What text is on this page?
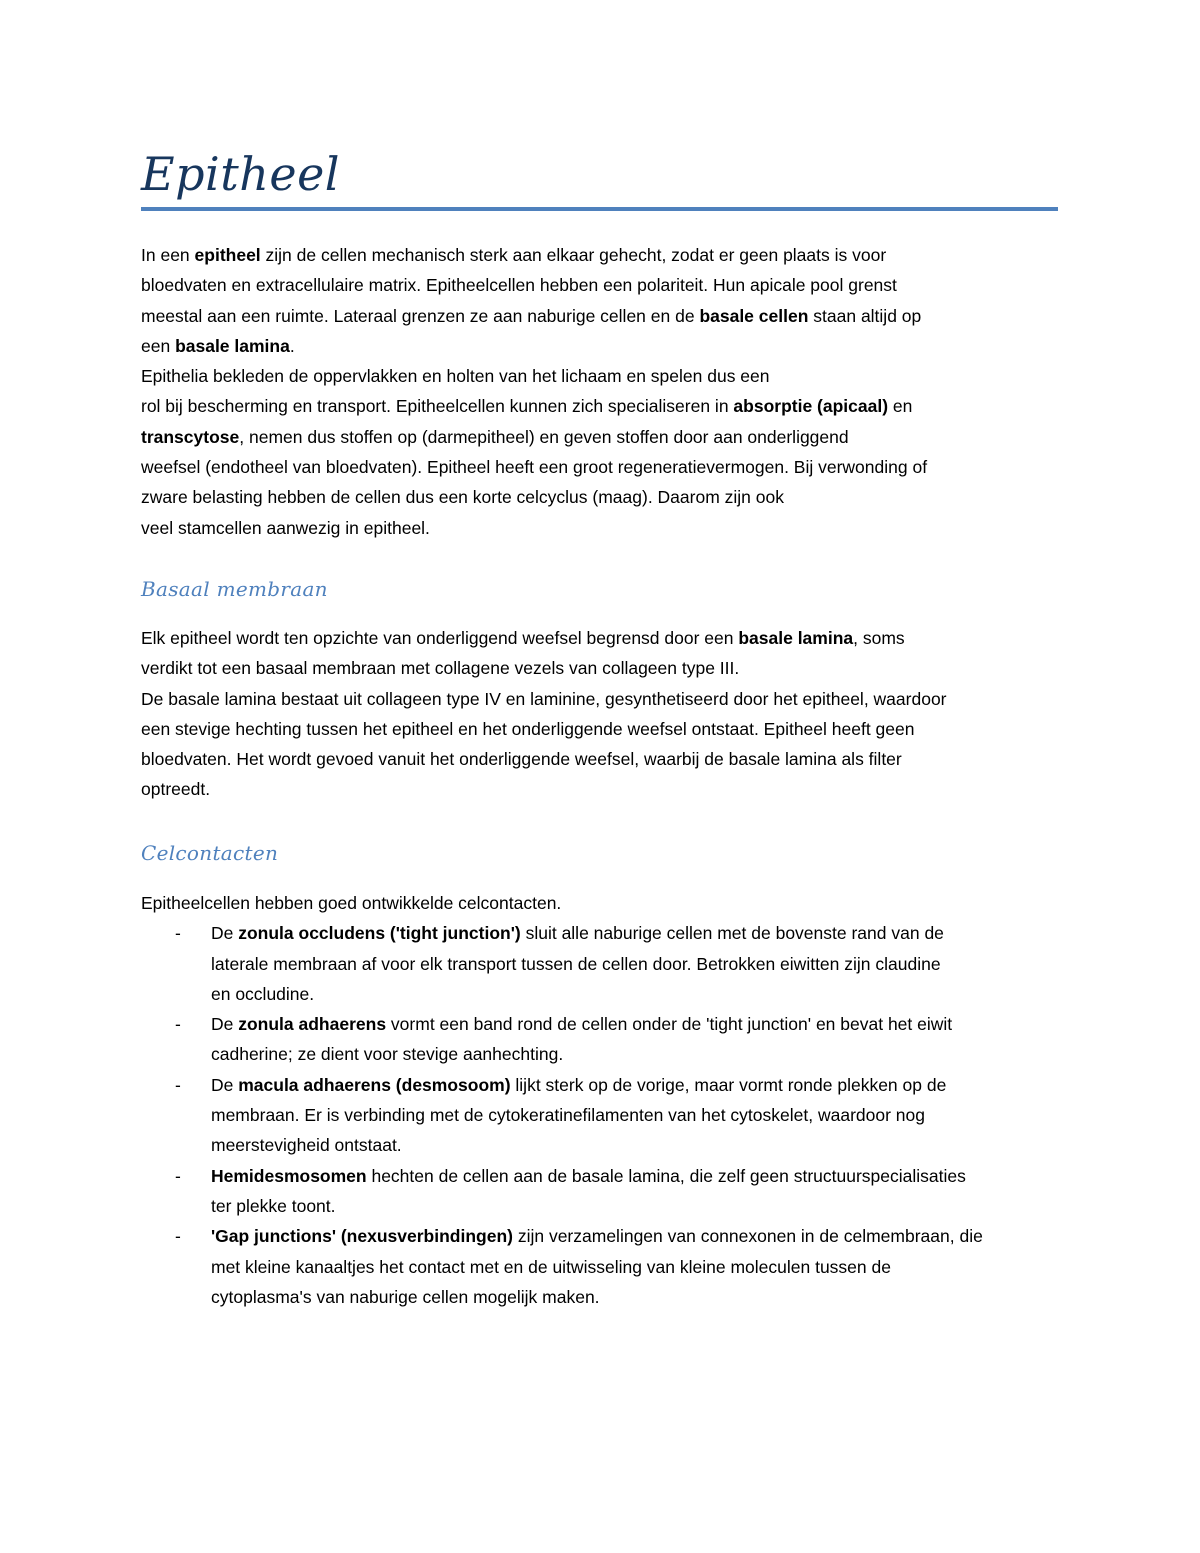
Epitheel

In een epitheel zijn de cellen mechanisch sterk aan elkaar gehecht, zodat er geen plaats is voor

bloedvaten en extracellulaire matrix. Epitheelcellen hebben een polariteit. Hun apicale pool grenst

meestal aan een ruimte. Lateraal grenzen ze aan naburige cellen en de basale cellen staan altijd op

een basale lamina.

Epithelia bekleden de oppervlakken en holten van het lichaam en spelen dus een

rol bij bescherming en transport. Epitheelcellen kunnen zich specialiseren in absorptie (apicaal) en

transcytose, nemen dus stoffen op (darmepitheel) en geven stoffen door aan onderliggend

weefsel (endotheel van bloedvaten). Epitheel heeft een groot regeneratievermogen. Bij verwonding of

zware belasting hebben de cellen dus een korte celcyclus (maag). Daarom zijn ook

veel stamcellen aanwezig in epitheel.

Basaal membraan

Elk epitheel wordt ten opzichte van onderliggend weefsel begrensd door een basale lamina, soms

verdikt tot een basaal membraan met collagene vezels van collageen type III.

De basale lamina bestaat uit collageen type IV en laminine, gesynthetiseerd door het epitheel, waardoor

een stevige hechting tussen het epitheel en het onderliggende weefsel ontstaat. Epitheel heeft geen

bloedvaten. Het wordt gevoed vanuit het onderliggende weefsel, waarbij de basale lamina als filter

optreedt.

Celcontacten

Epitheelcellen hebben goed ontwikkelde celcontacten.

-	De zonula occludens ('tight junction') sluit alle naburige cellen met de bovenste rand van de

laterale membraan af voor elk transport tussen de cellen door. Betrokken eiwitten zijn claudine

en occludine.

-	De zonula adhaerens vormt een band rond de cellen onder de 'tight junction' en bevat het eiwit

cadherine; ze dient voor stevige aanhechting.

-	De macula adhaerens (desmosoom) lijkt sterk op de vorige, maar vormt ronde plekken op de

membraan. Er is verbinding met de cytokeratinefilamenten van het cytoskelet, waardoor nog

meerstevigheid ontstaat.

-	Hemidesmosomen hechten de cellen aan de basale lamina, die zelf geen structuurspecialisaties

ter plekke toont.

-	'Gap junctions' (nexusverbindingen) zijn verzamelingen van connexonen in de celmembraan, die

met kleine kanaaltjes het contact met en de uitwisseling van kleine moleculen tussen de

cytoplasma's van naburige cellen mogelijk maken.
